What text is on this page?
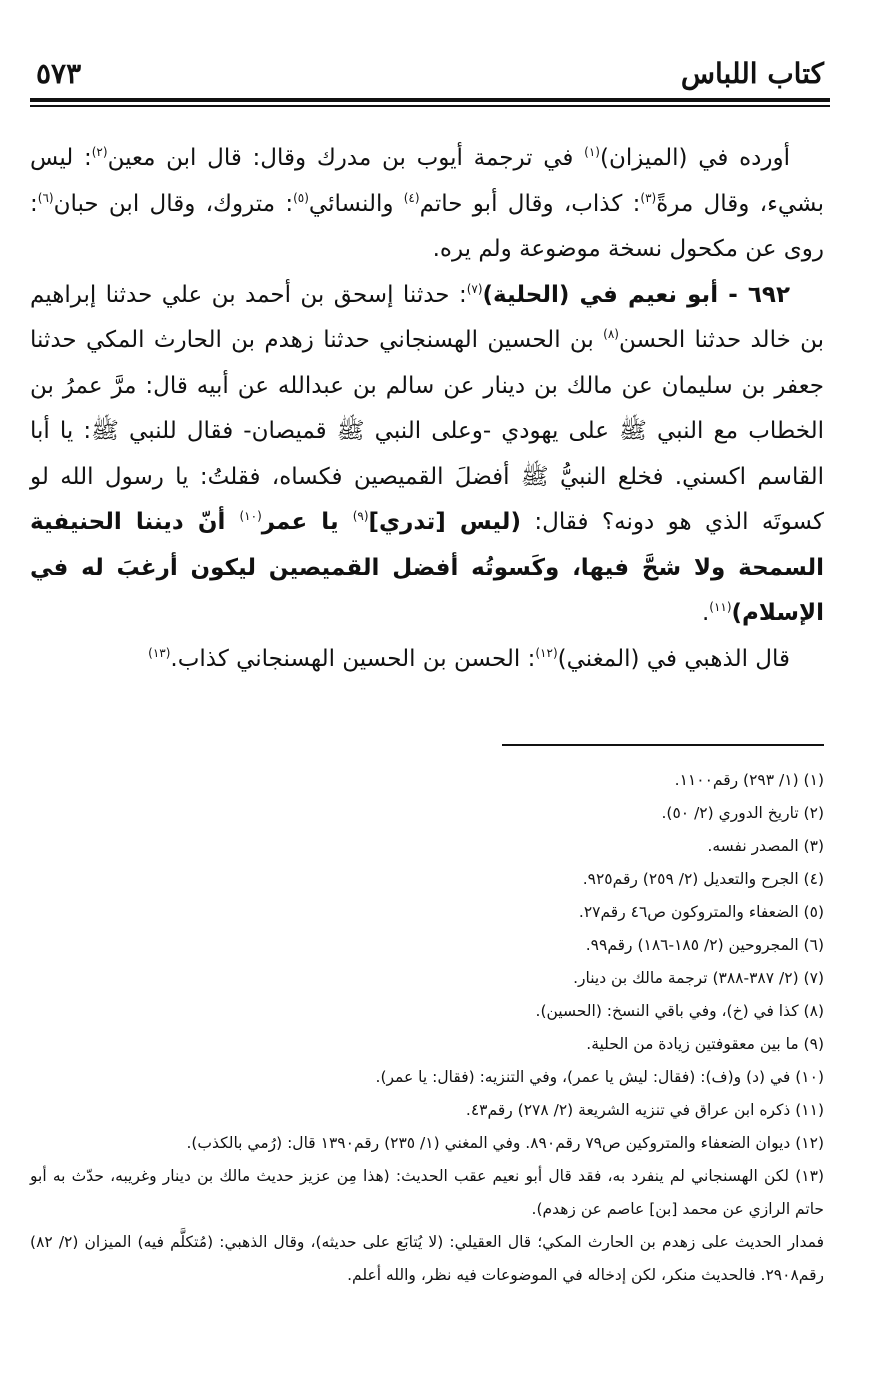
كتاب اللباس
٥٧٣

أورده في (الميزان)$^{(١)}$ في ترجمة أيوب بن مدرك وقال: قال ابن معين$^{(٢)}$: ليس بشيء، وقال مرةً$^{(٣)}$: كذاب، وقال أبو حاتم$^{(٤)}$ والنسائي$^{(٥)}$: متروك، وقال ابن حبان$^{(٦)}$: روى عن مكحول نسخة موضوعة ولم يره.

٦٩٢ - أبو نعيم في (الحلية)$^{(٧)}$: حدثنا إسحق بن أحمد بن علي حدثنا إبراهيم بن خالد حدثنا الحسن$^{(٨)}$ بن الحسين الهسنجاني حدثنا زهدم بن الحارث المكي حدثنا جعفر بن سليمان عن مالك بن دينار عن سالم بن عبدالله عن أبيه قال: مرَّ عمرُ بن الخطاب مع النبي ﷺ على يهودي -وعلى النبي ﷺ قميصان- فقال للنبي ﷺ: يا أبا القاسم اكسني. فخلع النبيُّ ﷺ أفضلَ القميصين فكساه، فقلتُ: يا رسول الله لو كسوتَه الذي هو دونه؟ فقال: (ليس [تدري]$^{(٩)}$ يا عمر$^{(١٠)}$ أنّ ديننا الحنيفية السمحة ولا شحَّ فيها، وكَسوتُه أفضل القميصين ليكون أرغبَ له في الإسلام)$^{(١١)}$.

قال الذهبي في (المغني)$^{(١٢)}$: الحسن بن الحسين الهسنجاني كذاب.$^{(١٣)}$

(١) (١/ ٢٩٣) رقم١١٠٠.

(٢) تاريخ الدوري (٢/ ٥٠).

(٣) المصدر نفسه.

(٤) الجرح والتعديل (٢/ ٢٥٩) رقم٩٢٥.

(٥) الضعفاء والمتروكون ص٤٦ رقم٢٧.

(٦) المجروحين (٢/ ١٨٥-١٨٦) رقم٩٩.

(٧) (٢/ ٣٨٧-٣٨٨) ترجمة مالك بن دينار.

(٨) كذا في (خ)، وفي باقي النسخ: (الحسين).

(٩) ما بين معقوفتين زيادة من الحلية.

(١٠) في (د) و(ف): (فقال: ليش يا عمر)، وفي التنزيه: (فقال: يا عمر).

(١١) ذكره ابن عراق في تنزيه الشريعة (٢/ ٢٧٨) رقم٤٣.

(١٢) ديوان الضعفاء والمتروكين ص٧٩ رقم٨٩٠. وفي المغني (١/ ٢٣٥) رقم١٣٩٠ قال: (رُمي بالكذب).

(١٣) لكن الهسنجاني لم ينفرد به، فقد قال أبو نعيم عقب الحديث: (هذا مِن عزيز حديث مالك بن دينار وغريبه، حدّث به أبو حاتم الرازي عن محمد [بن] عاصم عن زهدم).

فمدار الحديث على زهدم بن الحارث المكي؛ قال العقيلي: (لا يُتابَع على حديثه)، وقال الذهبي: (مُتكلَّم فيه) الميزان (٢/ ٨٢) رقم٢٩٠٨. فالحديث منكر، لكن إدخاله في الموضوعات فيه نظر، والله أعلم.
